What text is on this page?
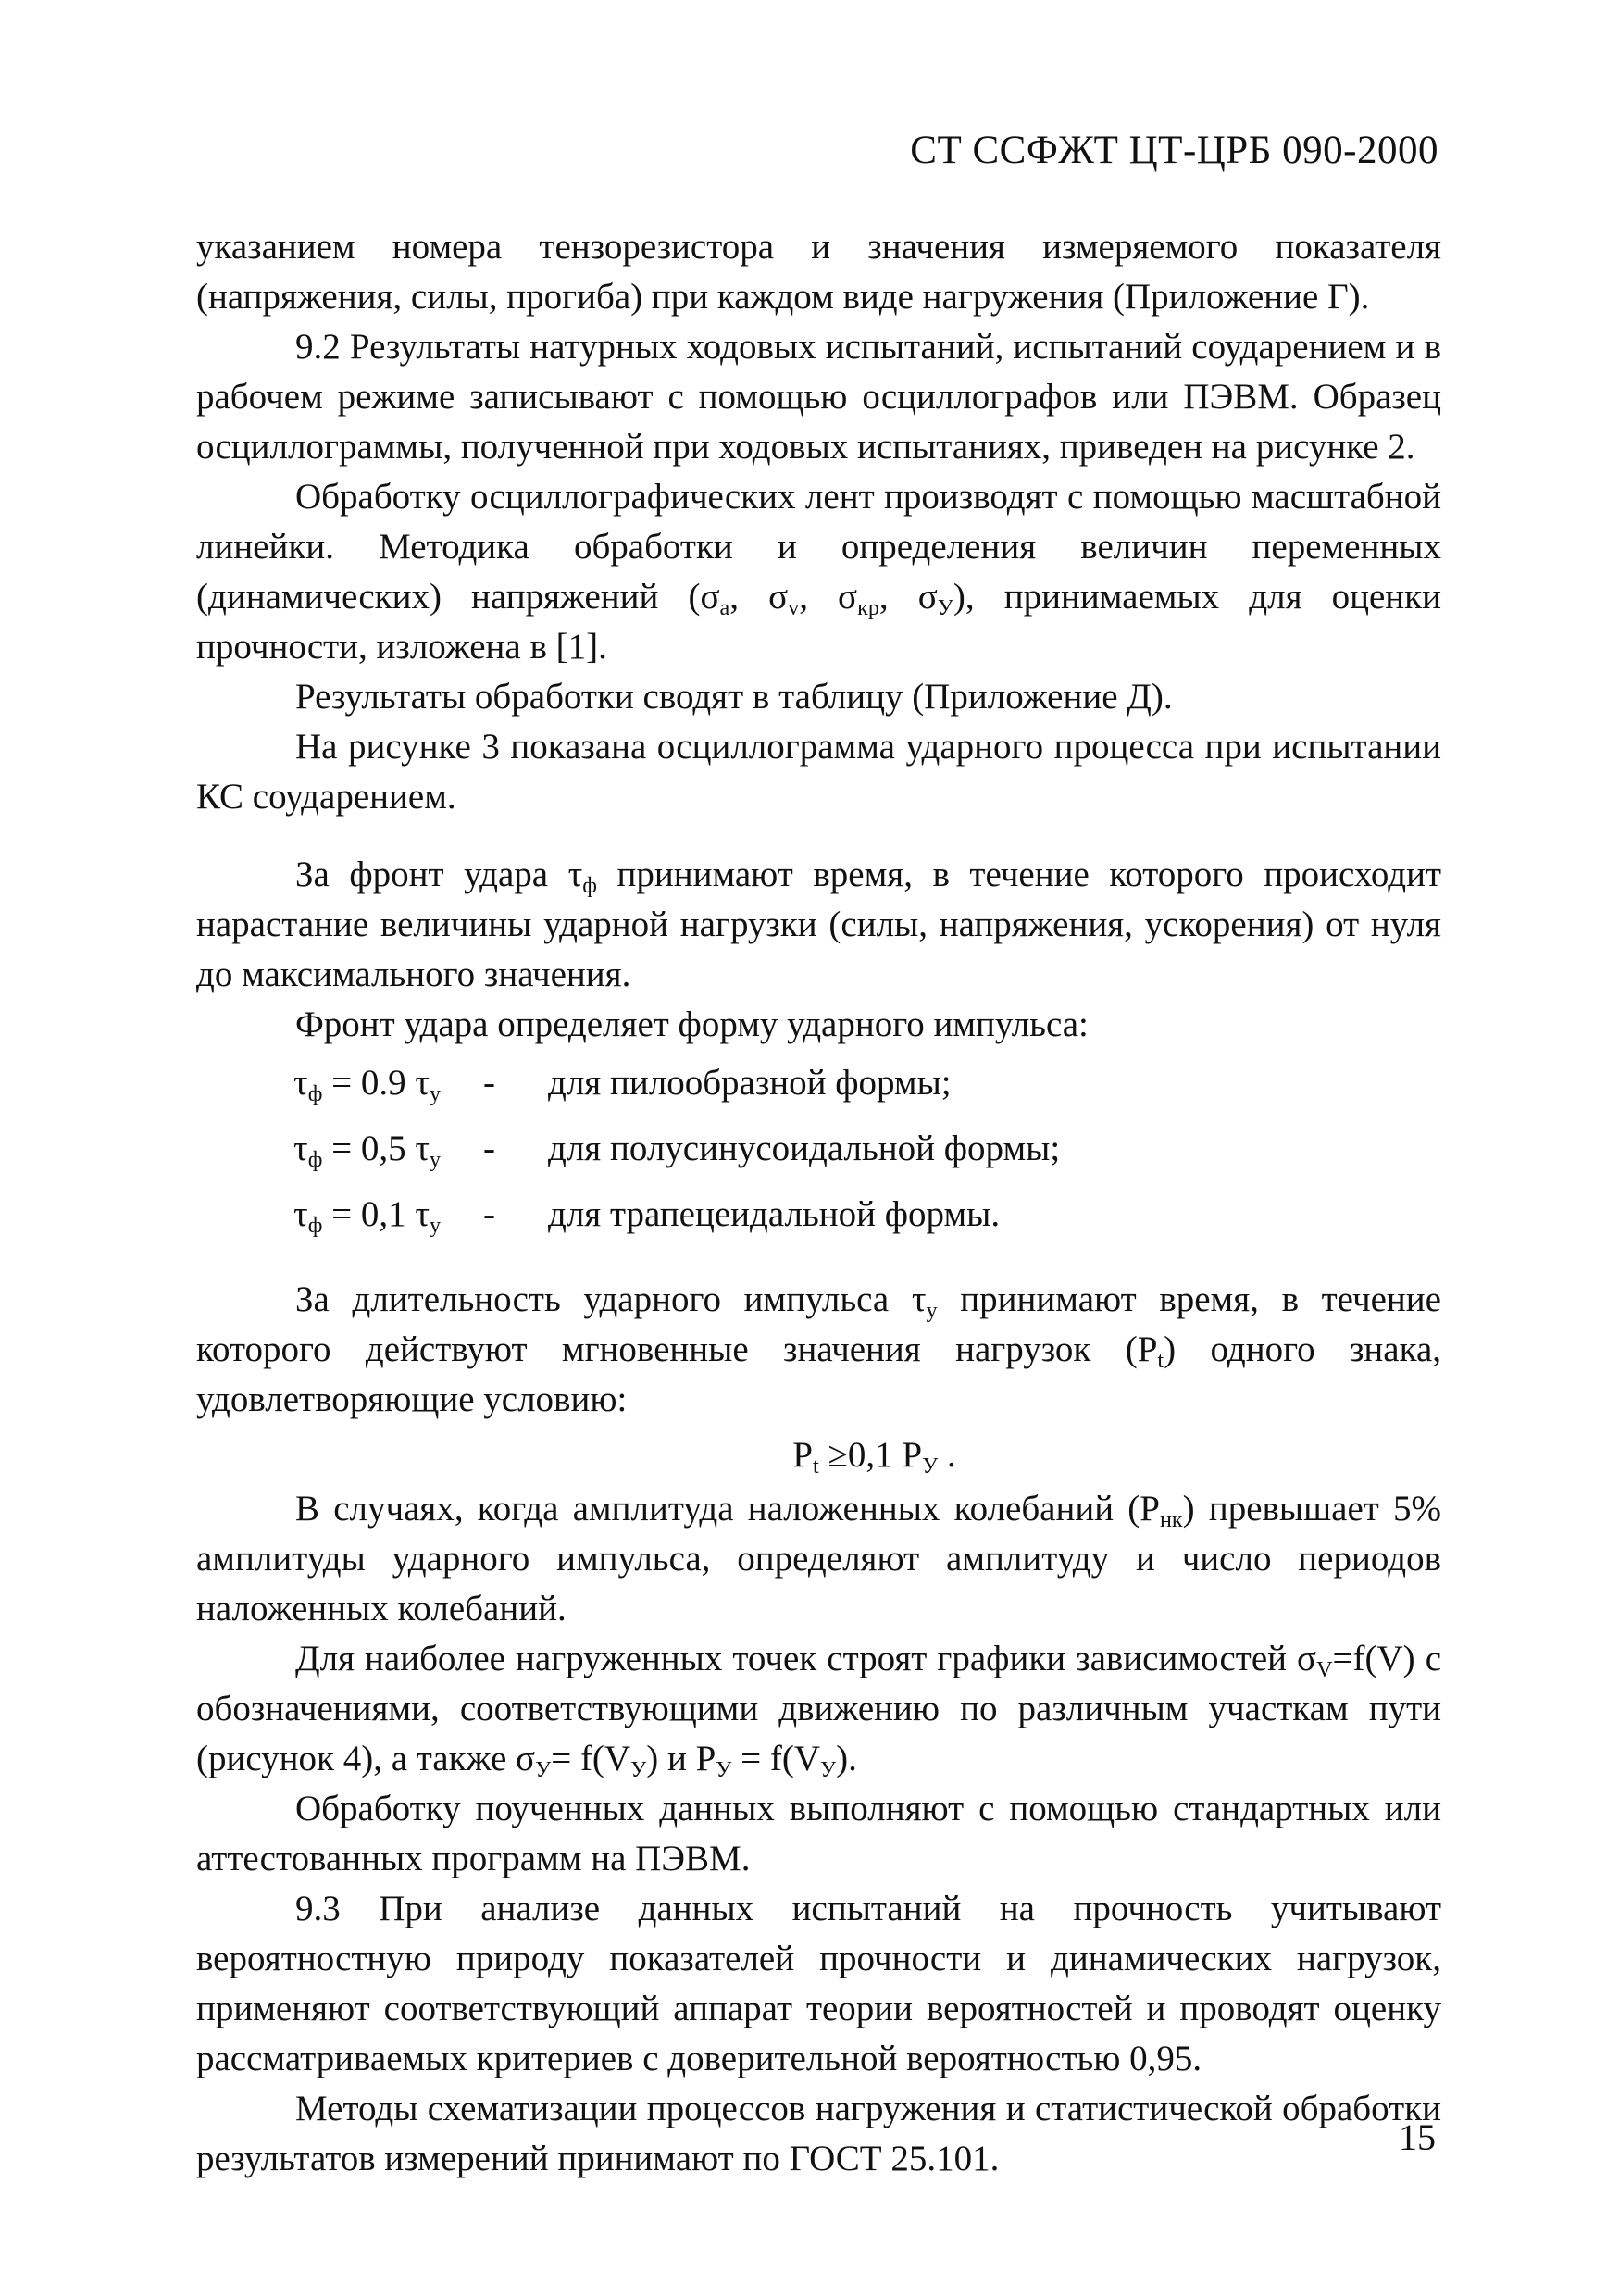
СТ ССФЖТ ЦТ-ЦРБ 090-2000

указанием номера тензорезистора и значения измеряемого показателя (напряжения, силы, прогиба) при каждом виде нагружения (Приложение Г).

9.2 Результаты натурных ходовых испытаний, испытаний соударением и в рабочем режиме записывают с помощью осциллографов или ПЭВМ. Образец осциллограммы, полученной при ходовых испытаниях, приведен на рисунке 2.

Обработку осциллографических лент производят с помощью масштабной линейки. Методика обработки и определения величин переменных (динамических) напряжений ($\sigma_а$, $\sigma_v$, $\sigma_{кр}$, $\sigma_У$), принимаемых для оценки прочности, изложена в [1].

Результаты обработки сводят в таблицу (Приложение Д).

На рисунке 3 показана осциллограмма ударного процесса при испытании КС соударением.

За фронт удара $\tau_ф$ принимают время, в течение которого происходит нарастание величины ударной нагрузки (силы, напряжения, ускорения) от нуля до максимального значения.

Фронт удара определяет форму ударного импульса:

$\tau_ф = 0.9$ $\tau_у$ - для пилообразной формы;

$\tau_ф = 0,5$ $\tau_у$ - для полусинусоидальной формы;

$\tau_ф = 0,1$ $\tau_у$ - для трапецеидальной формы.

За длительность ударного импульса $\tau_у$ принимают время, в течение которого действуют мгновенные значения нагрузок $(P_t)$ одного знака, удовлетворяющие условию:

$P_t \ge 0,1$ $P_У$ .

В случаях, когда амплитуда наложенных колебаний $(P_{нк})$ превышает 5% амплитуды ударного импульса, определяют амплитуду и число периодов наложенных колебаний.

Для наиболее нагруженных точек строят графики зависимостей $\sigma_V=f(V)$ с обозначениями, соответствующими движению по различным участкам пути (рисунок 4), а также $\sigma_У= f(V_У)$ и $P_У = f(V_У)$.

Обработку поученных данных выполняют с помощью стандартных или аттестованных программ на ПЭВМ.

9.3 При анализе данных испытаний на прочность учитывают вероятностную природу показателей прочности и динамических нагрузок, применяют соответствующий аппарат теории вероятностей и проводят оценку рассматриваемых критериев с доверительной вероятностью 0,95.

Методы схематизации процессов нагружения и статистической обработки результатов измерений принимают по ГОСТ 25.101.

15
